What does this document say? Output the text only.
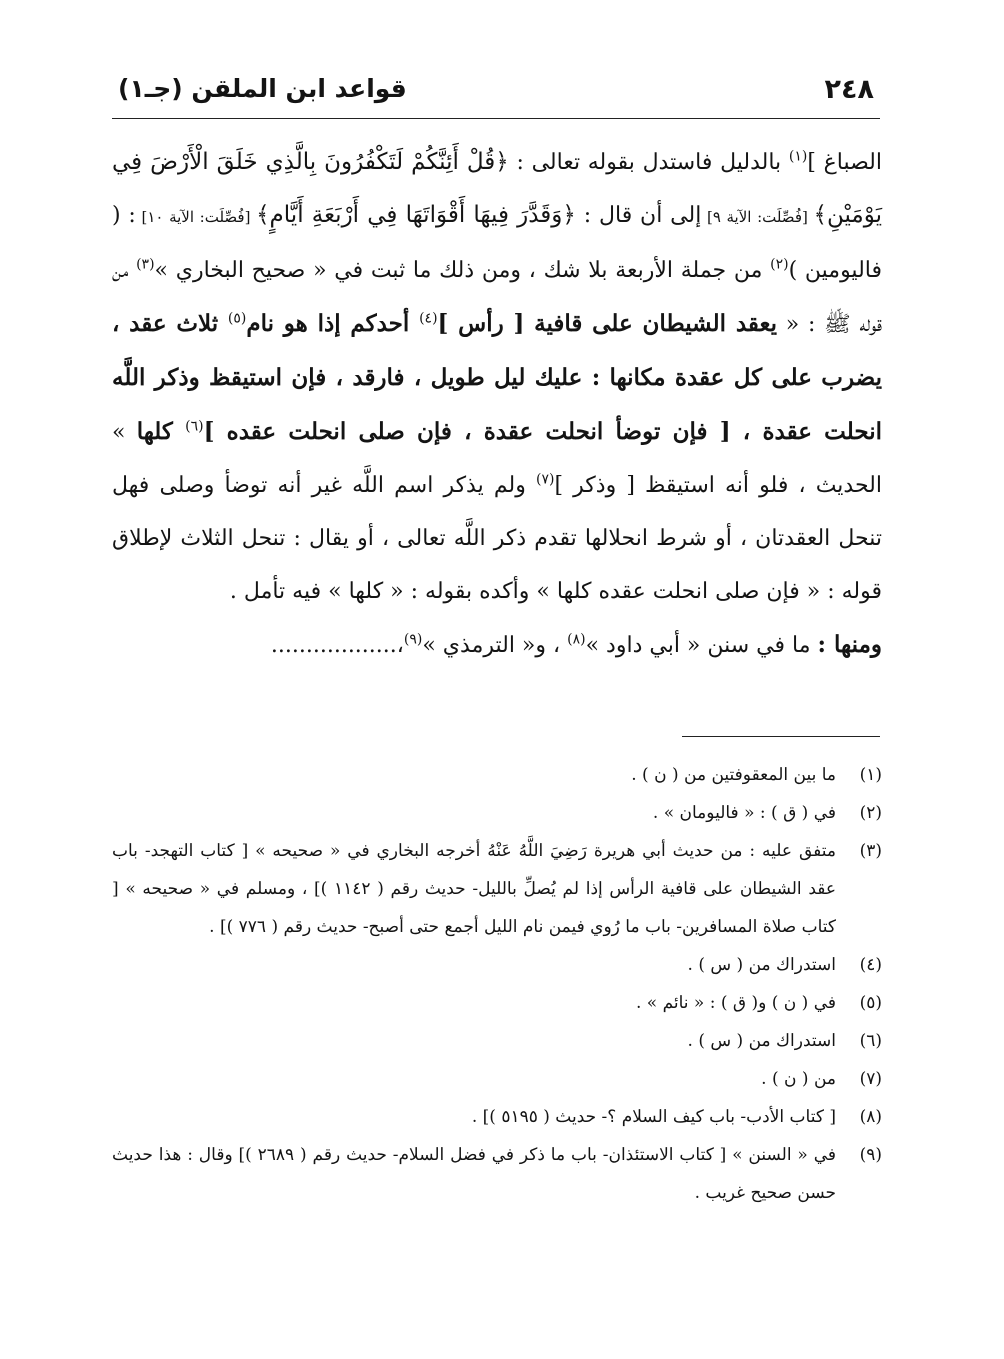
٢٤٨
قواعد ابن الملقن (جـ١)

الصباغ ]$^{(١)}$ بالدليل فاستدل بقوله تعالى : ﴿قُلْ أَئِنَّكُمْ لَتَكْفُرُونَ بِالَّذِي خَلَقَ الْأَرْضَ فِي يَوْمَيْنِ﴾ [فُصِّلَت: الآية ٩] إلى أن قال : ﴿وَقَدَّرَ فِيهَا أَقْوَاتَهَا فِي أَرْبَعَةِ أَيَّامٍ﴾ [فُصِّلَت: الآية ١٠] : ( فاليومين )$^{(٢)}$ من جملة الأربعة بلا شك ، ومن ذلك ما ثبت في « صحيح البخاري »$^{(٣)}$ من قوله ﷺ : « يعقد الشيطان على قافية [ رأس ]$^{(٤)}$ أحدكم إذا هو نام$^{(٥)}$ ثلاث عقد ، يضرب على كل عقدة مكانها : عليك ليل طويل ، فارقد ، فإن استيقظ وذكر اللَّه انحلت عقدة ، [ فإن توضأ انحلت عقدة ، فإن صلى انحلت عقده ]$^{(٦)}$ كلها » الحديث ، فلو أنه استيقظ [ وذكر ]$^{(٧)}$ ولم يذكر اسم اللَّه غير أنه توضأ وصلى فهل تنحل العقدتان ، أو شرط انحلالها تقدم ذكر اللَّه تعالى ، أو يقال : تنحل الثلاث لإطلاق قوله : « فإن صلى انحلت عقده كلها » وأكده بقوله : « كلها » فيه تأمل .

ومنها : ما في سنن « أبي داود »$^{(٨)}$ ، و« الترمذي »$^{(٩)}$،..................

(١)
ما بين المعقوفتين من ( ن ) .
(٢)
في ( ق ) : « فاليومان » .
(٣)
متفق عليه : من حديث أبي هريرة رَضِيَ اللَّهُ عَنْهُ أخرجه البخاري في « صحيحه » [ كتاب التهجد- باب عقد الشيطان على قافية الرأس إذا لم يُصلِّ بالليل- حديث رقم ( ١١٤٢ )] ، ومسلم في « صحيحه » [ كتاب صلاة المسافرين- باب ما رُوي فيمن نام الليل أجمع حتى أصبح- حديث رقم ( ٧٧٦ )] .
(٤)
استدراك من ( س ) .
(٥)
في ( ن ) و( ق ) : « نائم » .
(٦)
استدراك من ( س ) .
(٧)
من ( ن ) .
(٨)
[ كتاب الأدب- باب كيف السلام ؟- حديث ( ٥١٩٥ )] .
(٩)
في « السنن » [ كتاب الاستئذان- باب ما ذكر في فضل السلام- حديث رقم ( ٢٦٨٩ )] وقال : هذا حديث حسن صحيح غريب .
